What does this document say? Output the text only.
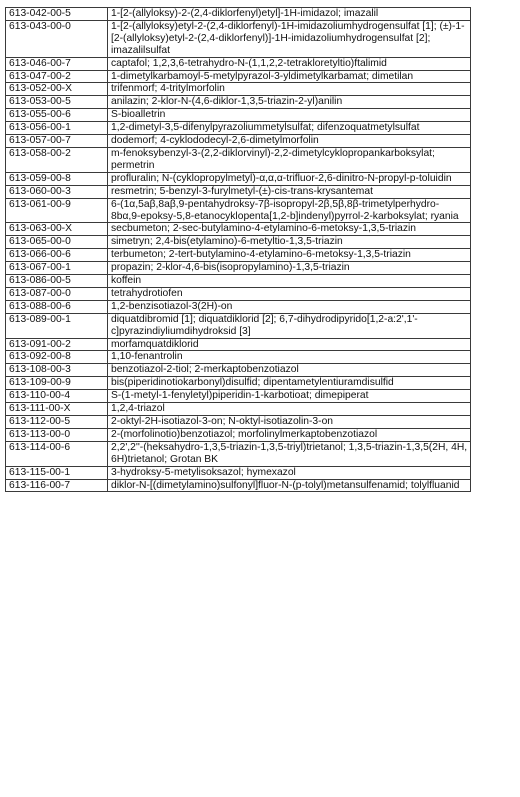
613-042-00-5	1-[2-(allyloksy)-2-(2,4-diklorfenyl)etyl]-1H-imidazol; imazalil
613-043-00-0	1-[2-(allyloksy)etyl-2-(2,4-diklorfenyl)-1H-imidazoliumhydrogensulfat [1]; (±)-1-[2-(allyloksy)etyl-2-(2,4-diklorfenyl)]-1H-imidazoliumhydrogensulfat [2]; imazalilsulfat
613-046-00-7	captafol; 1,2,3,6-tetrahydro-N-(1,1,2,2-tetrakloretyltio)ftalimid
613-047-00-2	1-dimetylkarbamoyl-5-metylpyrazol-3-yldimetylkarbamat; dimetilan
613-052-00-X	trifenmorf; 4-tritylmorfolin
613-053-00-5	anilazin; 2-klor-N-(4,6-diklor-1,3,5-triazin-2-yl)anilin
613-055-00-6	S-bioalletrin
613-056-00-1	1,2-dimetyl-3,5-difenylpyrazoliummetylsulfat; difenzoquatmetylsulfat
613-057-00-7	dodemorf; 4-cyklododecyl-2,6-dimetylmorfolin
613-058-00-2	m-fenoksybenzyl-3-(2,2-diklorvinyl)-2,2-dimetylcyklopropankarboksylat; permetrin
613-059-00-8	profluralin; N-(cyklopropylmetyl)-α,α,α-trifluor-2,6-dinitro-N-propyl-p-toluidin
613-060-00-3	resmetrin; 5-benzyl-3-furylmetyl-(±)-cis-trans-krysantemat
613-061-00-9	6-(1α,5aβ,8aβ,9-pentahydroksy-7β-isopropyl-2β,5β,8β-trimetylperhydro-8bα,9-epoksy-5,8-etanocyklopenta[1,2-b]indenyl)pyrrol-2-karboksylat; ryania
613-063-00-X	secbumeton; 2-sec-butylamino-4-etylamino-6-metoksy-1,3,5-triazin
613-065-00-0	simetryn; 2,4-bis(etylamino)-6-metyltio-1,3,5-triazin
613-066-00-6	terbumeton; 2-tert-butylamino-4-etylamino-6-metoksy-1,3,5-triazin
613-067-00-1	propazin; 2-klor-4,6-bis(isopropylamino)-1,3,5-triazin
613-086-00-5	koffein
613-087-00-0	tetrahydrotiofen
613-088-00-6	1,2-benzisotiazol-3(2H)-on
613-089-00-1	diquatdibromid [1]; diquatdiklorid [2]; 6,7-dihydrodipyrido[1,2-a:2',1'-c]pyrazindiyliumdihydroksid [3]
613-091-00-2	morfamquatdiklorid
613-092-00-8	1,10-fenantrolin
613-108-00-3	benzotiazol-2-tiol; 2-merkaptobenzotiazol
613-109-00-9	bis(piperidinotiokarbonyl)disulfid; dipentametylentiuramdisulfid
613-110-00-4	S-(1-metyl-1-fenyletyl)piperidin-1-karbotioat; dimepiperat
613-111-00-X	1,2,4-triazol
613-112-00-5	2-oktyl-2H-isotiazol-3-on; N-oktyl-isotiazolin-3-on
613-113-00-0	2-(morfolinotio)benzotiazol; morfolinylmerkaptobenzotiazol
613-114-00-6	2,2',2''-(heksahydro-1,3,5-triazin-1,3,5-triyl)trietanol; 1,3,5-triazin-1,3,5(2H, 4H, 6H)trietanol; Grotan BK
613-115-00-1	3-hydroksy-5-metylisoksazol; hymexazol
613-116-00-7	diklor-N-[(dimetylamino)sulfonyl]fluor-N-(p-tolyl)metansulfenamid; tolylfluanid
